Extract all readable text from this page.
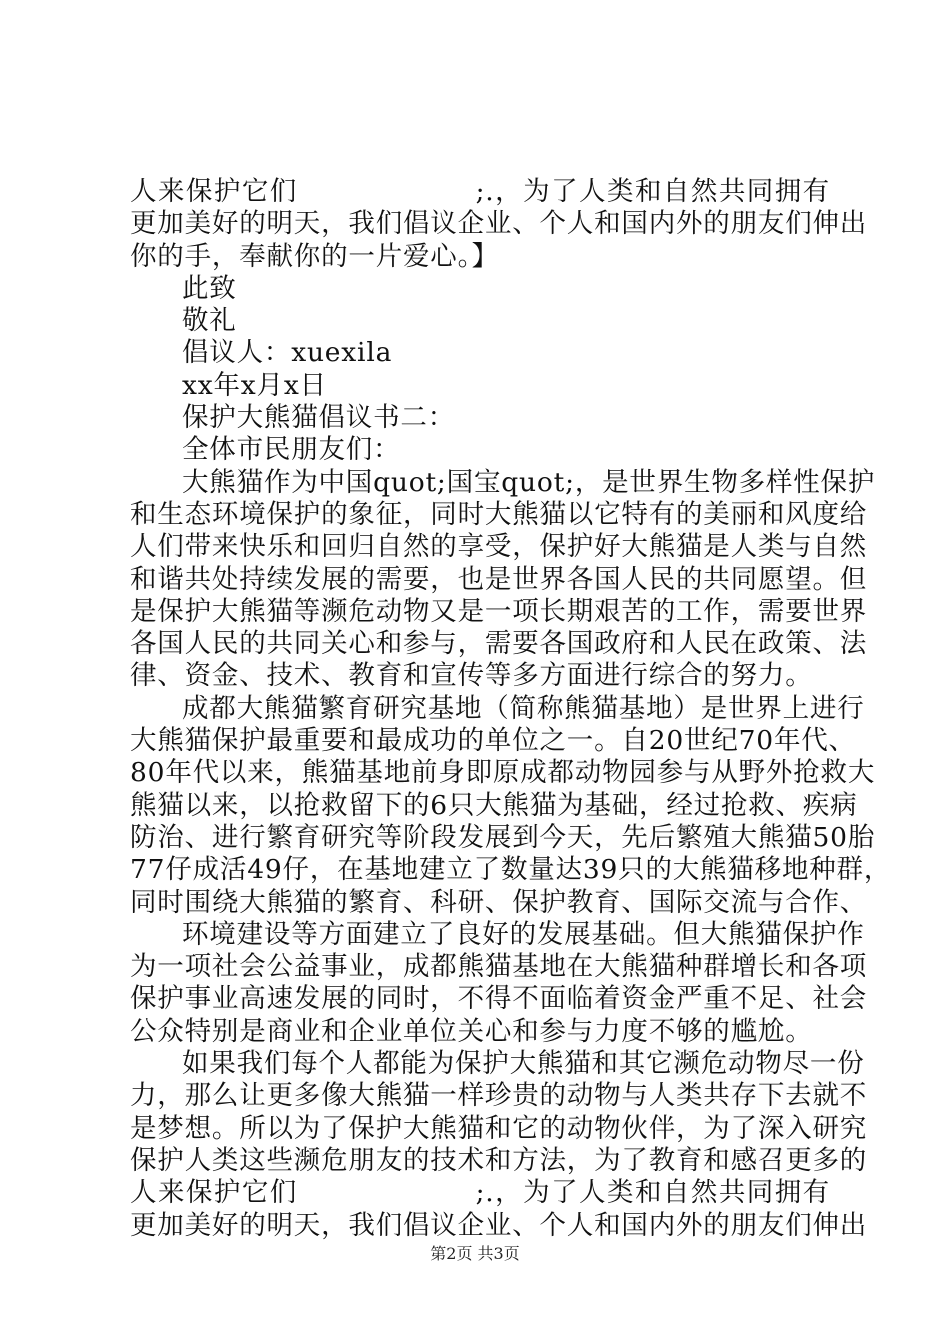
人来保护它们                  ;.，为了人类和自然共同拥有
更加美好的明天，我们倡议企业、个人和国内外的朋友们伸出
你的手，奉献你的一片爱心。】
此致
敬礼
倡议人：xuexila
xx年x月x日
保护大熊猫倡议书二：
全体市民朋友们：
大熊猫作为中国quot;国宝quot;，是世界生物多样性保护
和生态环境保护的象征，同时大熊猫以它特有的美丽和风度给
人们带来快乐和回归自然的享受，保护好大熊猫是人类与自然
和谐共处持续发展的需要，也是世界各国人民的共同愿望。但
是保护大熊猫等濒危动物又是一项长期艰苦的工作，需要世界
各国人民的共同关心和参与，需要各国政府和人民在政策、法
律、资金、技术、教育和宣传等多方面进行综合的努力。
成都大熊猫繁育研究基地（简称熊猫基地）是世界上进行
大熊猫保护最重要和最成功的单位之一。自20世纪70年代、
80年代以来，熊猫基地前身即原成都动物园参与从野外抢救大
熊猫以来，以抢救留下的6只大熊猫为基础，经过抢救、疾病
防治、进行繁育研究等阶段发展到今天，先后繁殖大熊猫50胎
77仔成活49仔，在基地建立了数量达39只的大熊猫移地种群，
同时围绕大熊猫的繁育、科研、保护教育、国际交流与合作、
环境建设等方面建立了良好的发展基础。但大熊猫保护作
为一项社会公益事业，成都熊猫基地在大熊猫种群增长和各项
保护事业高速发展的同时，不得不面临着资金严重不足、社会
公众特别是商业和企业单位关心和参与力度不够的尴尬。
如果我们每个人都能为保护大熊猫和其它濒危动物尽一份
力，那么让更多像大熊猫一样珍贵的动物与人类共存下去就不
是梦想。所以为了保护大熊猫和它的动物伙伴，为了深入研究
保护人类这些濒危朋友的技术和方法，为了教育和感召更多的
人来保护它们                  ;.，为了人类和自然共同拥有
更加美好的明天，我们倡议企业、个人和国内外的朋友们伸出
第2页 共3页
